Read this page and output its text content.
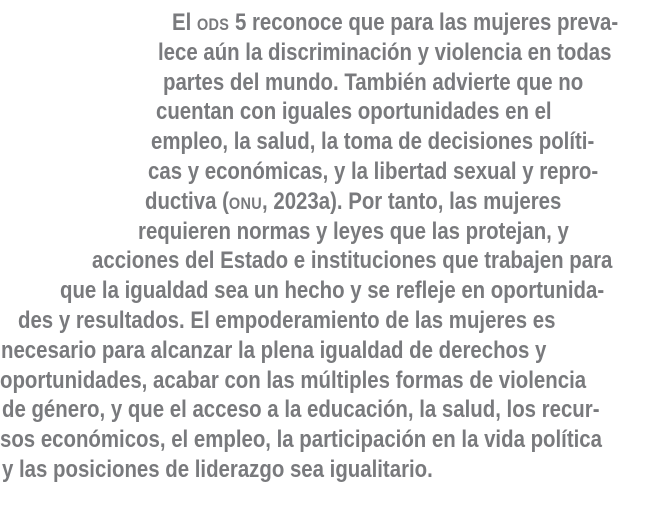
El ODS 5 reconoce que para las mujeres preva-
lece aún la discriminación y violencia en todas
partes del mundo. También advierte que no
cuentan con iguales oportunidades en el
empleo, la salud, la toma de decisiones políti-
cas y económicas, y la libertad sexual y repro-
ductiva (ONU, 2023a). Por tanto, las mujeres
requieren normas y leyes que las protejan, y
acciones del Estado e instituciones que trabajen para
que la igualdad sea un hecho y se refleje en oportunida-
des y resultados. El empoderamiento de las mujeres es
necesario para alcanzar la plena igualdad de derechos y
oportunidades, acabar con las múltiples formas de violencia
de género, y que el acceso a la educación, la salud, los recur-
sos económicos, el empleo, la participación en la vida política
y las posiciones de liderazgo sea igualitario.
